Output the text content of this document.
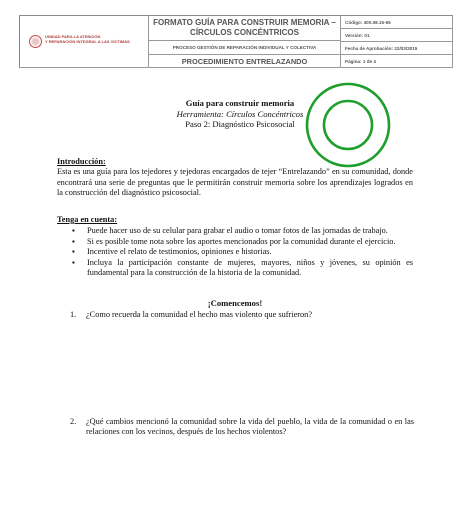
UNIDAD PARA LA ATENCIÓN
Y REPARACIÓN INTEGRAL A LAS VÍCTIMAS
FORMATO GUÍA PARA CONSTRUIR MEMORIA – CÍRCULOS CONCÉNTRICOS
PROCESO GESTIÓN DE REPARACIÓN INDIVIDUAL Y COLECTIVA
PROCEDIMIENTO ENTRELAZANDO
Código: 400.08.15-65
Versión: 01
Fecha de Aprobación: 22/03/2015
Página: 1 de 4
Guía para construir memoria
Herramienta: Círculos Concéntricos
Paso 2: Diagnóstico Psicosocial
Introducción:

Esta es una guía para los tejedores y tejedoras encargados de tejer “Entrelazando” en su comunidad, donde encontrará una serie de preguntas que le permitirán construir memoria sobre los aprendizajes logrados en la construcción del diagnóstico psicosocial.

Tenga en cuenta:
▪ Puede hacer uso de su celular para grabar el audio o tomar fotos de las jornadas de trabajo.
▪ Si es posible tome nota sobre los aportes mencionados por la comunidad durante el ejercicio.
▪ Incentive el relato de testimonios, opiniones e historias.
▪ Incluya la participación constante de mujeres, mayores, niños y jóvenes, su opinión es fundamental para la construcción de la historia de la comunidad.
¡Comencemos!
1. ¿Como recuerda la comunidad el hecho mas violento que sufrieron?
2. ¿Qué cambios mencionó la comunidad sobre la vida del pueblo, la vida de la comunidad o en las relaciones con los vecinos, después de los hechos violentos?
